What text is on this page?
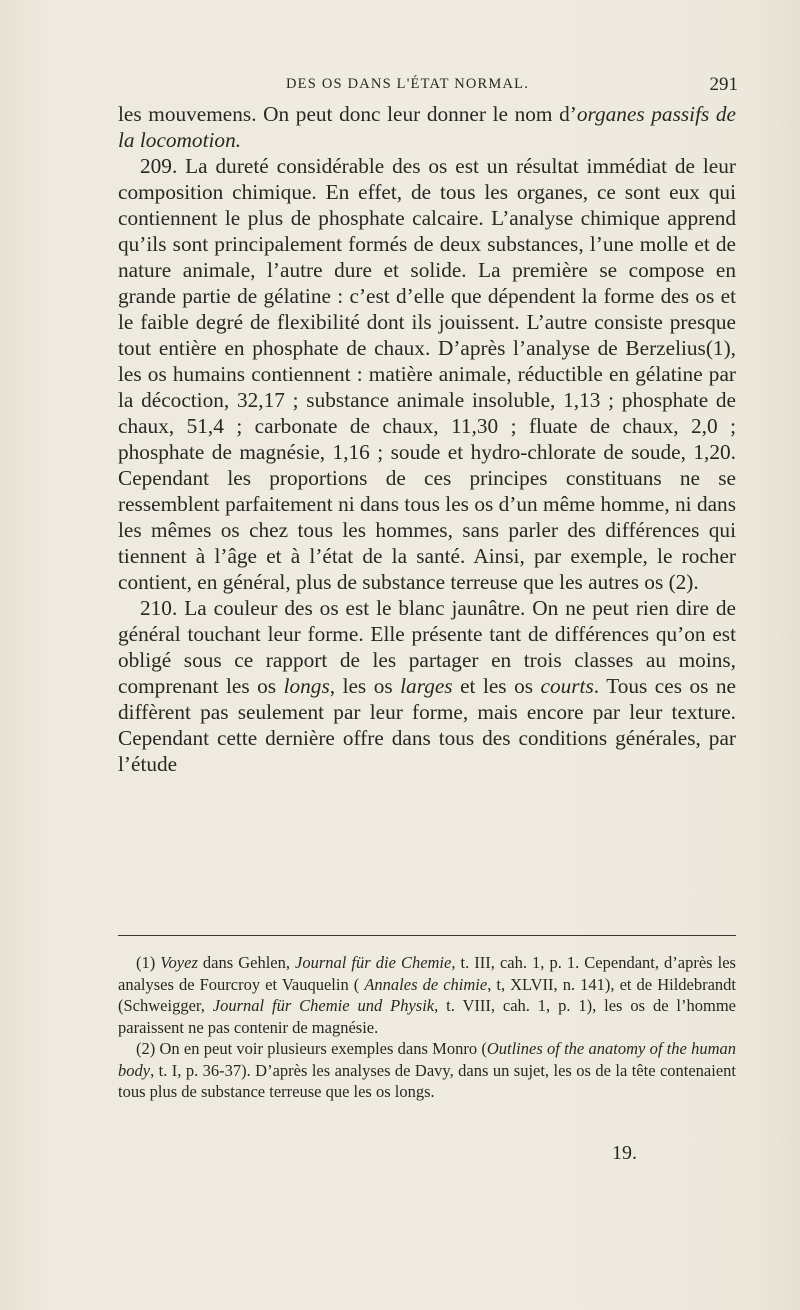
DES OS DANS L'ÉTAT NORMAL.	291

les mouvemens. On peut donc leur donner le nom d’organes passifs de la locomotion.

209. La dureté considérable des os est un résultat immédiat de leur composition chimique. En effet, de tous les organes, ce sont eux qui contiennent le plus de phosphate calcaire. L’analyse chimique apprend qu’ils sont principalement formés de deux substances, l’une molle et de nature animale, l’autre dure et solide. La première se compose en grande partie de gélatine : c’est d’elle que dépendent la forme des os et le faible degré de flexibilité dont ils jouissent. L’autre consiste presque tout entière en phosphate de chaux. D’après l’analyse de Berzelius(1), les os humains contiennent : matière animale, réductible en gélatine par la décoction, 32,17 ; substance animale insoluble, 1,13 ; phosphate de chaux, 51,4 ; carbonate de chaux, 11,30 ; fluate de chaux, 2,0 ; phosphate de magnésie, 1,16 ; soude et hydro-chlorate de soude, 1,20. Cependant les proportions de ces principes constituans ne se ressemblent parfaitement ni dans tous les os d’un même homme, ni dans les mêmes os chez tous les hommes, sans parler des différences qui tiennent à l’âge et à l’état de la santé. Ainsi, par exemple, le rocher contient, en général, plus de substance terreuse que les autres os (2).

210. La couleur des os est le blanc jaunâtre. On ne peut rien dire de général touchant leur forme. Elle présente tant de différences qu’on est obligé sous ce rapport de les partager en trois classes au moins, comprenant les os longs, les os larges et les os courts. Tous ces os ne diffèrent pas seulement par leur forme, mais encore par leur texture. Cependant cette dernière offre dans tous des conditions générales, par l’étude

(1) Voyez dans Gehlen, Journal für die Chemie, t. III, cah. 1, p. 1. Cependant, d’après les analyses de Fourcroy et Vauquelin ( Annales de chimie, t, XLVII, n. 141), et de Hildebrandt (Schweigger, Journal für Chemie und Physik, t. VIII, cah. 1, p. 1), les os de l’homme paraissent ne pas contenir de magnésie.

(2) On en peut voir plusieurs exemples dans Monro (Outlines of the anatomy of the human body, t. I, p. 36-37). D’après les analyses de Davy, dans un sujet, les os de la tête contenaient tous plus de substance terreuse que les os longs.

19.
